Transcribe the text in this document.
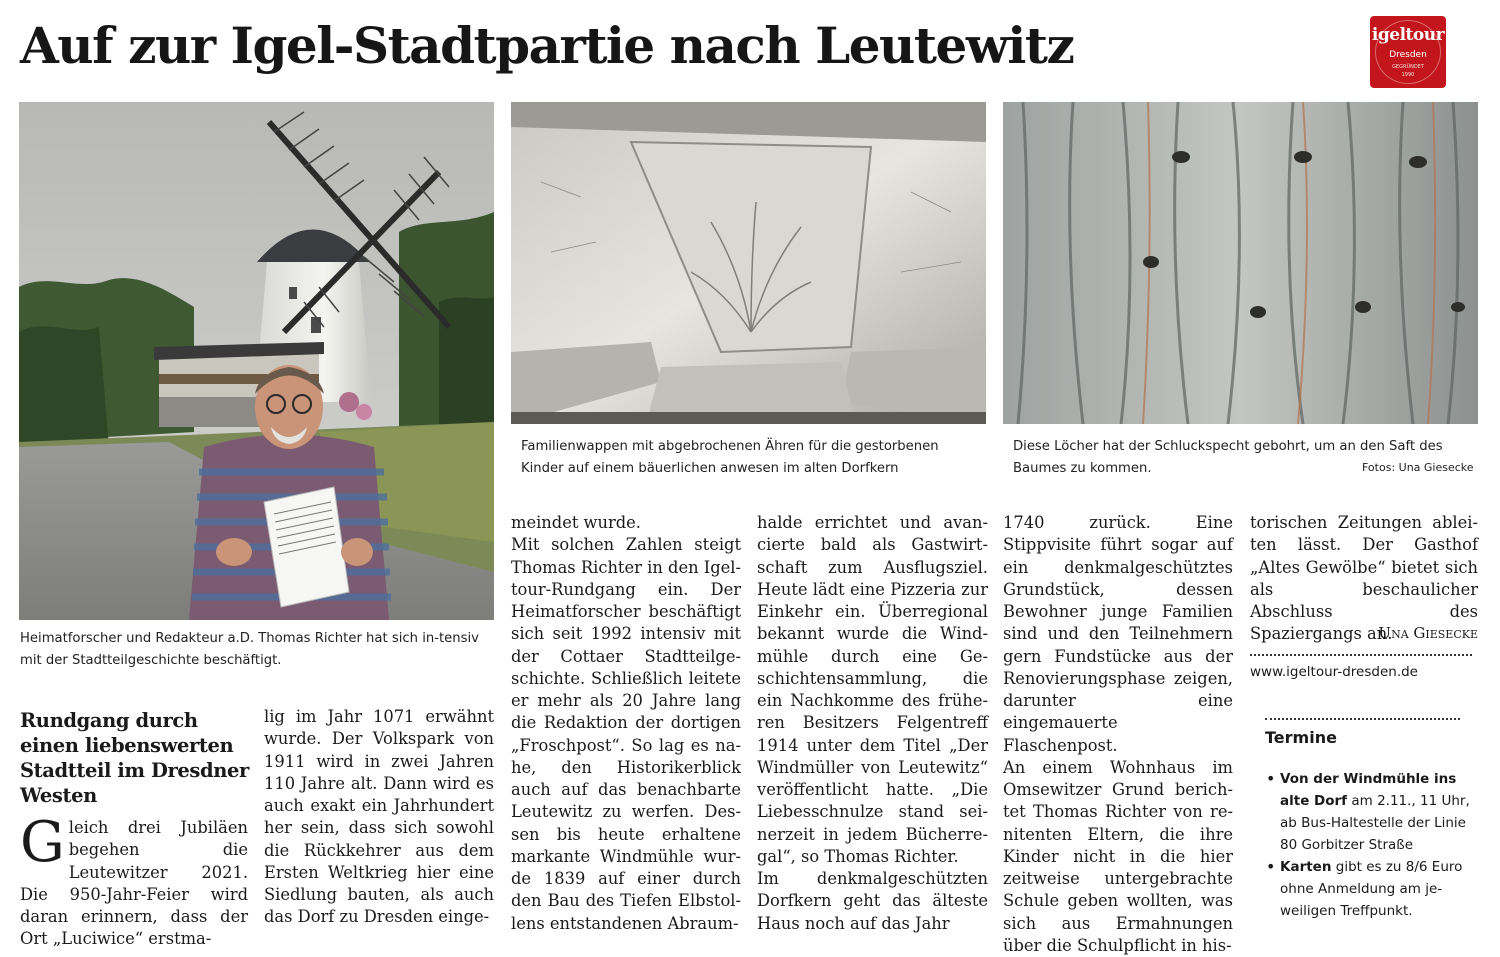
Auf zur Igel-Stadtpartie nach Leutewitz	igeltour
Dresden
GEGRÜNDET
1990
Heimatforscher und Redakteur a.D. Thomas Richter hat sich in-tensiv mit der Stadtteilgeschichte beschäftigt.
Familienwappen mit abgebrochenen Ähren für die gestorbenen Kinder auf einem bäuerlichen anwesen im alten Dorfkern
Diese Löcher hat der Schluckspecht gebohrt, um an den Saft des Baumes zu kommen.	Fotos: Una Giesecke
Rundgang durch einen liebenswerten Stadtteil im Dresdner Westen
Gleich drei Jubiläen begehen die Leutewitzer 2021. Die 950-Jahr-Feier wird daran erinnern, dass der Ort „Luciwice“ erstma-

lig im Jahr 1071 erwähnt wurde. Der Volkspark von 1911 wird in zwei Jahren 110 Jahre alt. Dann wird es auch exakt ein Jahrhundert her sein, dass sich sowohl die Rückkehrer aus dem Ersten Weltkrieg hier eine Siedlung bauten, als auch das Dorf zu Dresden einge-

meindet wurde.

Mit solchen Zahlen steigt Thomas Richter in den Igeltour-Rundgang ein. Der Heimatforscher beschäftigt sich seit 1992 intensiv mit der Cottaer Stadtteilgeschichte. Schließlich leitete er mehr als 20 Jahre lang die Redaktion der dortigen „Froschpost“. So lag es nahe, den Historikerblick auch auf das benachbarte Leutewitz zu werfen. Dessen bis heute erhaltene markante Windmühle wurde 1839 auf einer durch den Bau des Tiefen Elbstollens entstandenen Abraum-

halde errichtet und avancierte bald als Gastwirtschaft zum Ausflugsziel. Heute lädt eine Pizzeria zur Einkehr ein. Überregional bekannt wurde die Windmühle durch eine Geschichtensammlung, die ein Nachkomme des früheren Besitzers Felgentreff 1914 unter dem Titel „Der Windmüller von Leutewitz“ veröffentlicht hatte. „Die Liebesschnulze stand seinerzeit in jedem Bücherregal“, so Thomas Richter.

Im denkmalgeschützten Dorfkern geht das älteste Haus noch auf das Jahr

1740 zurück. Eine Stippvisite führt sogar auf ein denkmalgeschütztes Grundstück, dessen Bewohner junge Familien sind und den Teilnehmern gern Fundstücke aus der Renovierungsphase zeigen, darunter eine eingemauerte Flaschenpost.

An einem Wohnhaus im Omsewitzer Grund berichtet Thomas Richter von renitenten Eltern, die ihre Kinder nicht in die hier zeitweise untergebrachte Schule geben wollten, was sich aus Ermahnungen über die Schulpflicht in his-

torischen Zeitungen ableiten lässt. Der Gasthof „Altes Gewölbe“ bietet sich als beschaulicher Abschluss des Spaziergangs an.

Una Giesecke
www.igeltour-dresden.de
Termine
• Von der Windmühle ins alte Dorf am 2.11., 11 Uhr, ab Bus-Haltestelle der Linie 80 Gorbitzer Straße
• Karten gibt es zu 8/6 Euro ohne Anmeldung am jeweiligen Treffpunkt.
